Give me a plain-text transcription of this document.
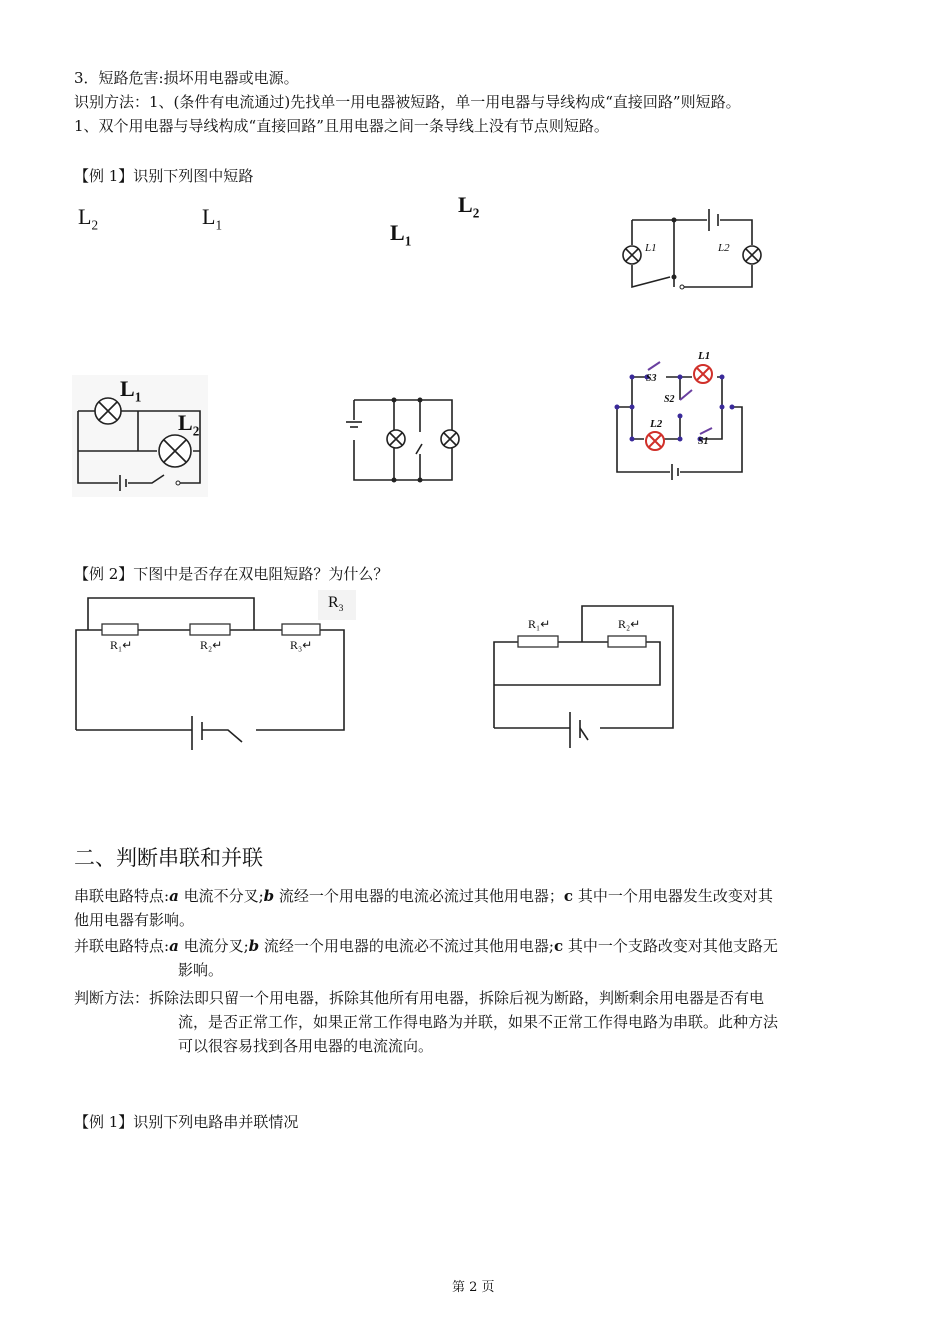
3．短路危害:损坏用电器或电源。
识别方法：1、(条件有电流通过)先找单一用电器被短路，单一用电器与导线构成“直接回路”则短路。
1、双个用电器与导线构成“直接回路”且用电器之间一条导线上没有节点则短路。
【例 1】识别下列图中短路
$L_2$	$L_1$
$L_2$
$L_1$	L1	L2
$L_1$
$L_2$
S3
S2
S1
L1
L2
【例 2】下图中是否存在双电阻短路？为什么？
$R_3$
R₁↵	R₂↵	R₃↵
R₁↵	R₂↵
二、判断串联和并联
串联电路特点:a 电流不分叉;b 流经一个用电器的电流必流过其他用电器；c 其中一个用电器发生改变对其
他用电器有影响。
并联电路特点:a 电流分叉;b 流经一个用电器的电流必不流过其他用电器;c 其中一个支路改变对其他支路无
影响。
判断方法：拆除法即只留一个用电器，拆除其他所有用电器，拆除后视为断路，判断剩余用电器是否有电
流，是否正常工作，如果正常工作得电路为并联，如果不正常工作得电路为串联。此种方法
可以很容易找到各用电器的电流流向。
【例 1】识别下列电路串并联情况
第 2 页
